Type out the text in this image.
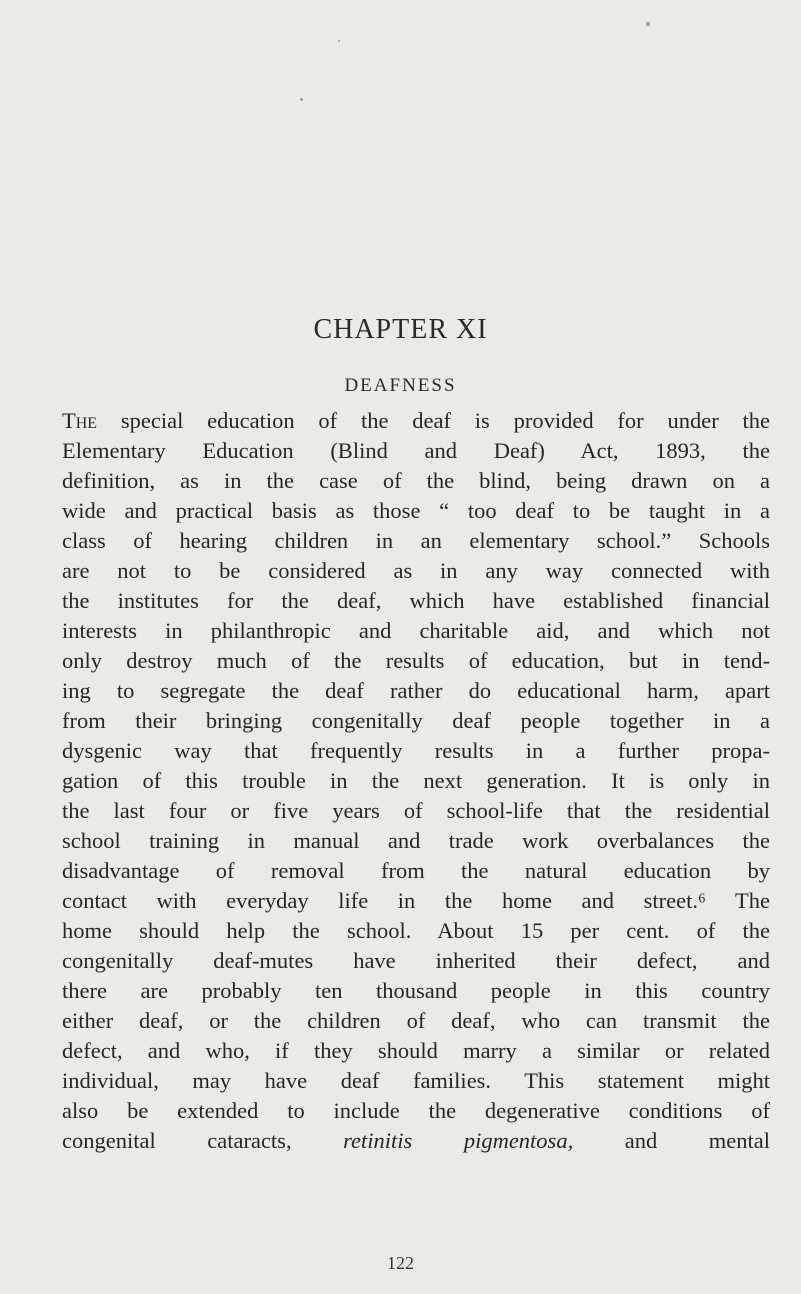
CHAPTER XI
DEAFNESS
The special education of the deaf is provided for under the
Elementary Education (Blind and Deaf) Act, 1893, the
definition, as in the case of the blind, being drawn on a
wide and practical basis as those “ too deaf to be taught in a
class of hearing children in an elementary school.” Schools
are not to be considered as in any way connected with
the institutes for the deaf, which have established financial
interests in philanthropic and charitable aid, and which not
only destroy much of the results of education, but in tend-
ing to segregate the deaf rather do educational harm, apart
from their bringing congenitally deaf people together in a
dysgenic way that frequently results in a further propa-
gation of this trouble in the next generation. It is only in
the last four or five years of school-life that the residential
school training in manual and trade work overbalances the
disadvantage of removal from the natural education by
contact with everyday life in the home and street.⁶ The
home should help the school. About 15 per cent. of the
congenitally deaf-mutes have inherited their defect, and
there are probably ten thousand people in this country
either deaf, or the children of deaf, who can transmit the
defect, and who, if they should marry a similar or related
individual, may have deaf families. This statement might
also be extended to include the degenerative conditions of
congenital cataracts, retinitis pigmentosa, and mental
122
